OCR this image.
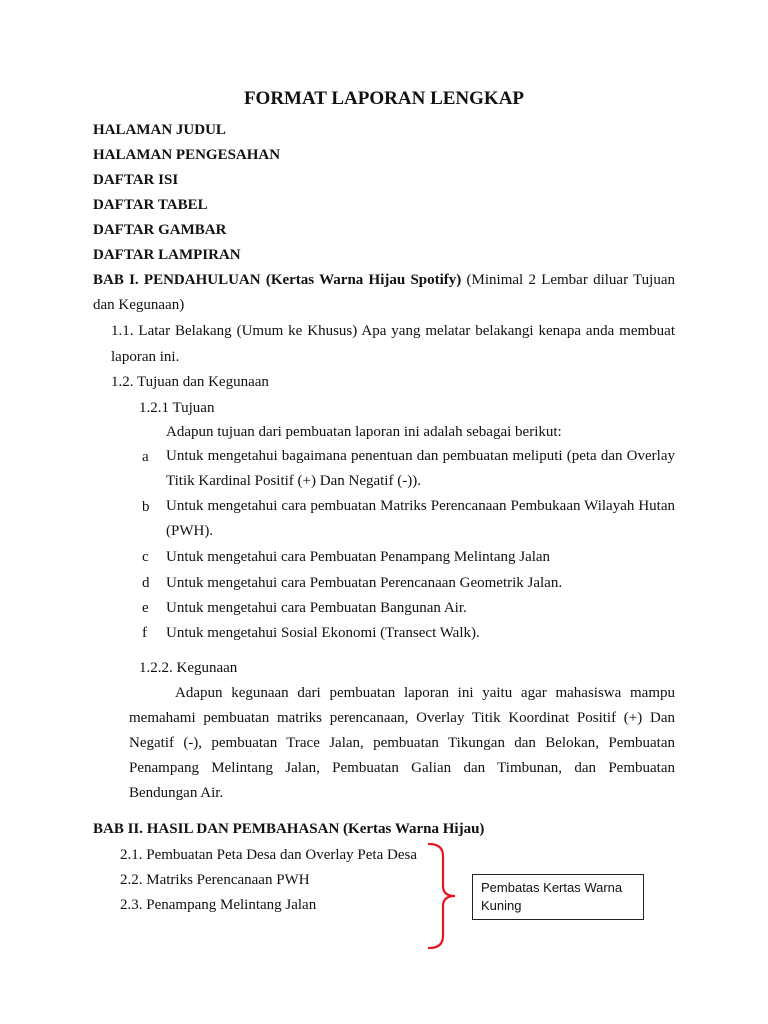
FORMAT LAPORAN LENGKAP
HALAMAN JUDUL
HALAMAN PENGESAHAN
DAFTAR ISI
DAFTAR TABEL
DAFTAR GAMBAR
DAFTAR LAMPIRAN
BAB I. PENDAHULUAN (Kertas Warna Hijau Spotify) (Minimal 2 Lembar diluar Tujuan dan Kegunaan)
1.1. Latar Belakang (Umum ke Khusus) Apa yang melatar belakangi kenapa anda membuat laporan ini.
1.2. Tujuan dan Kegunaan
1.2.1 Tujuan
Adapun tujuan dari pembuatan laporan ini adalah sebagai berikut:
a Untuk mengetahui bagaimana penentuan dan pembuatan meliputi (peta dan Overlay Titik Kardinal Positif (+) Dan Negatif (-)).
b Untuk mengetahui cara pembuatan Matriks Perencanaan Pembukaan Wilayah Hutan (PWH).
c Untuk mengetahui cara Pembuatan Penampang Melintang Jalan
d Untuk mengetahui cara Pembuatan Perencanaan Geometrik Jalan.
e Untuk mengetahui cara Pembuatan Bangunan Air.
f Untuk mengetahui Sosial Ekonomi (Transect Walk).
1.2.2. Kegunaan
Adapun kegunaan dari pembuatan laporan ini yaitu agar mahasiswa mampu memahami pembuatan matriks perencanaan, Overlay Titik Koordinat Positif (+) Dan Negatif (-), pembuatan Trace Jalan, pembuatan Tikungan dan Belokan, Pembuatan Penampang Melintang Jalan, Pembuatan Galian dan Timbunan, dan Pembuatan Bendungan Air.
BAB II. HASIL DAN PEMBAHASAN (Kertas Warna Hijau)
2.1. Pembuatan Peta Desa dan Overlay Peta Desa
2.2. Matriks Perencanaan PWH
2.3. Penampang Melintang Jalan
Pembatas Kertas Warna Kuning
